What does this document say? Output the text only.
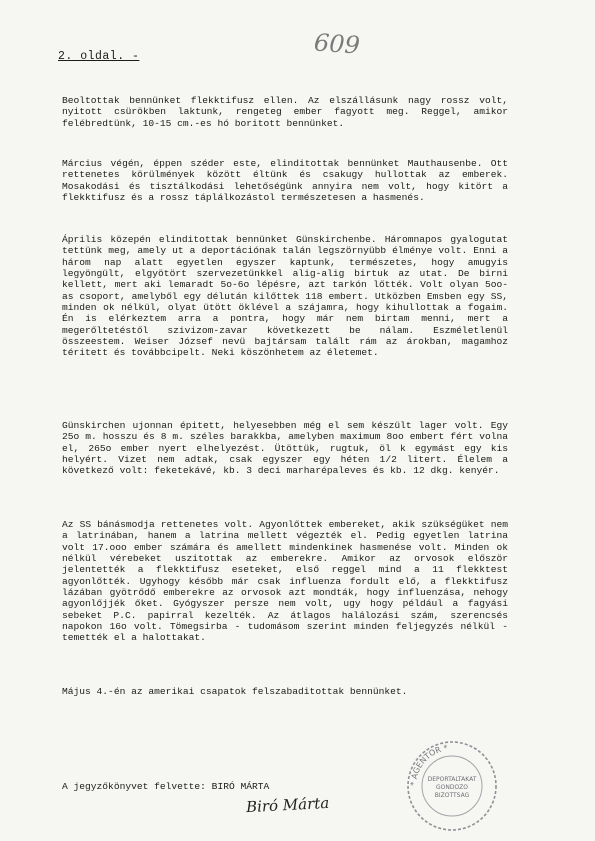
2. oldal. -	609
Beoltottak bennünket flekktifusz ellen. Az elszállásunk nagy rossz volt, nyitott csürökben laktunk, rengeteg ember fagyott meg. Reggel, amikor felébredtünk, 10-15 cm.-es hó boritott bennünket.
Március végén, éppen széder este, elinditottak bennünket Mauthausenbe. Ott rettenetes körülmények között éltünk és csakugy hullottak az emberek. Mosakodási és tisztálkodási lehetőségünk annyira nem volt, hogy kitört a flekktifusz és a rossz táplálkozástol természetesen a hasmenés.
Április közepén elinditottak bennünket Günskirchenbe. Háromnapos gyalogutat tettünk meg, amely ut a deportációnak talán legszörnyübb élménye volt. Enni a három nap alatt egyetlen egyszer kaptunk, természetes, hogy amugyis legyöngült, elgyötört szervezetünkkel alig-alig birtuk az utat. De birni kellett, mert aki lemaradt 5o-6o lépésre, azt tarkón lőtték. Volt olyan 5oo-as csoport, amelyből egy délután kilőttek 118 embert. Utközben Emsben egy SS, minden ok nélkül, olyat ütött öklével a szájamra, hogy kihullottak a fogaim. Én is elérkeztem arra a pontra, hogy már nem birtam menni, mert a megerőltetéstől szivizom-zavar következett be nálam. Eszméletlenül összeestem. Weiser József nevü bajtársam talált rám az árokban, magamhoz téritett és továbbcipelt. Neki köszönhetem az életemet.
Günskirchen ujonnan épitett, helyesebben még el sem készült lager volt. Egy 25o m. hosszu és 8 m. széles barakkba, amelyben maximum 8oo embert fért volna el, 265o ember nyert elhelyezést. Ütöttük, rugtuk, öl k egymást egy kis helyért. Vizet nem adtak, csak egyszer egy héten 1/2 litert. Élelem a következő volt: feketekávé, kb. 3 deci marharépaleves és kb. 12 dkg. kenyér.
Az SS bánásmodja rettenetes volt. Agyonlőttek embereket, akik szükségüket nem a latrinában, hanem a latrina mellett végezték el. Pedig egyetlen latrina volt 17.ooo ember számára és amellett mindenkinek hasmenése volt. Minden ok nélkül vérebeket uszitottak az emberekre. Amikor az orvosok először jelentették a flekktifusz eseteket, első reggel mind a 11 flekktest agyonlőtték. Ugyhogy később már csak influenza fordult elő, a flekktifusz lázában gyötrődő emberekre az orvosok azt mondták, hogy influenzása, nehogy agyonlőjjék őket. Gyógyszer persze nem volt, ugy hogy például a fagyási sebeket P.C. papirral kezelték. Az átlagos halálozási szám, szerencsés napokon 16o volt. Tömegsirba - tudomásom szerint minden feljegyzés nélkül - temették el a halottakat.
Május 4.-én az amerikai csapatok felszabaditottak bennünket.
A jegyzőkönyvet felvette: BIRÓ MÁRTA
Biró Márta
* AGENTOR *
DEPORTÁLTAKAT
GONDOZÓ
BIZOTTSÁG
